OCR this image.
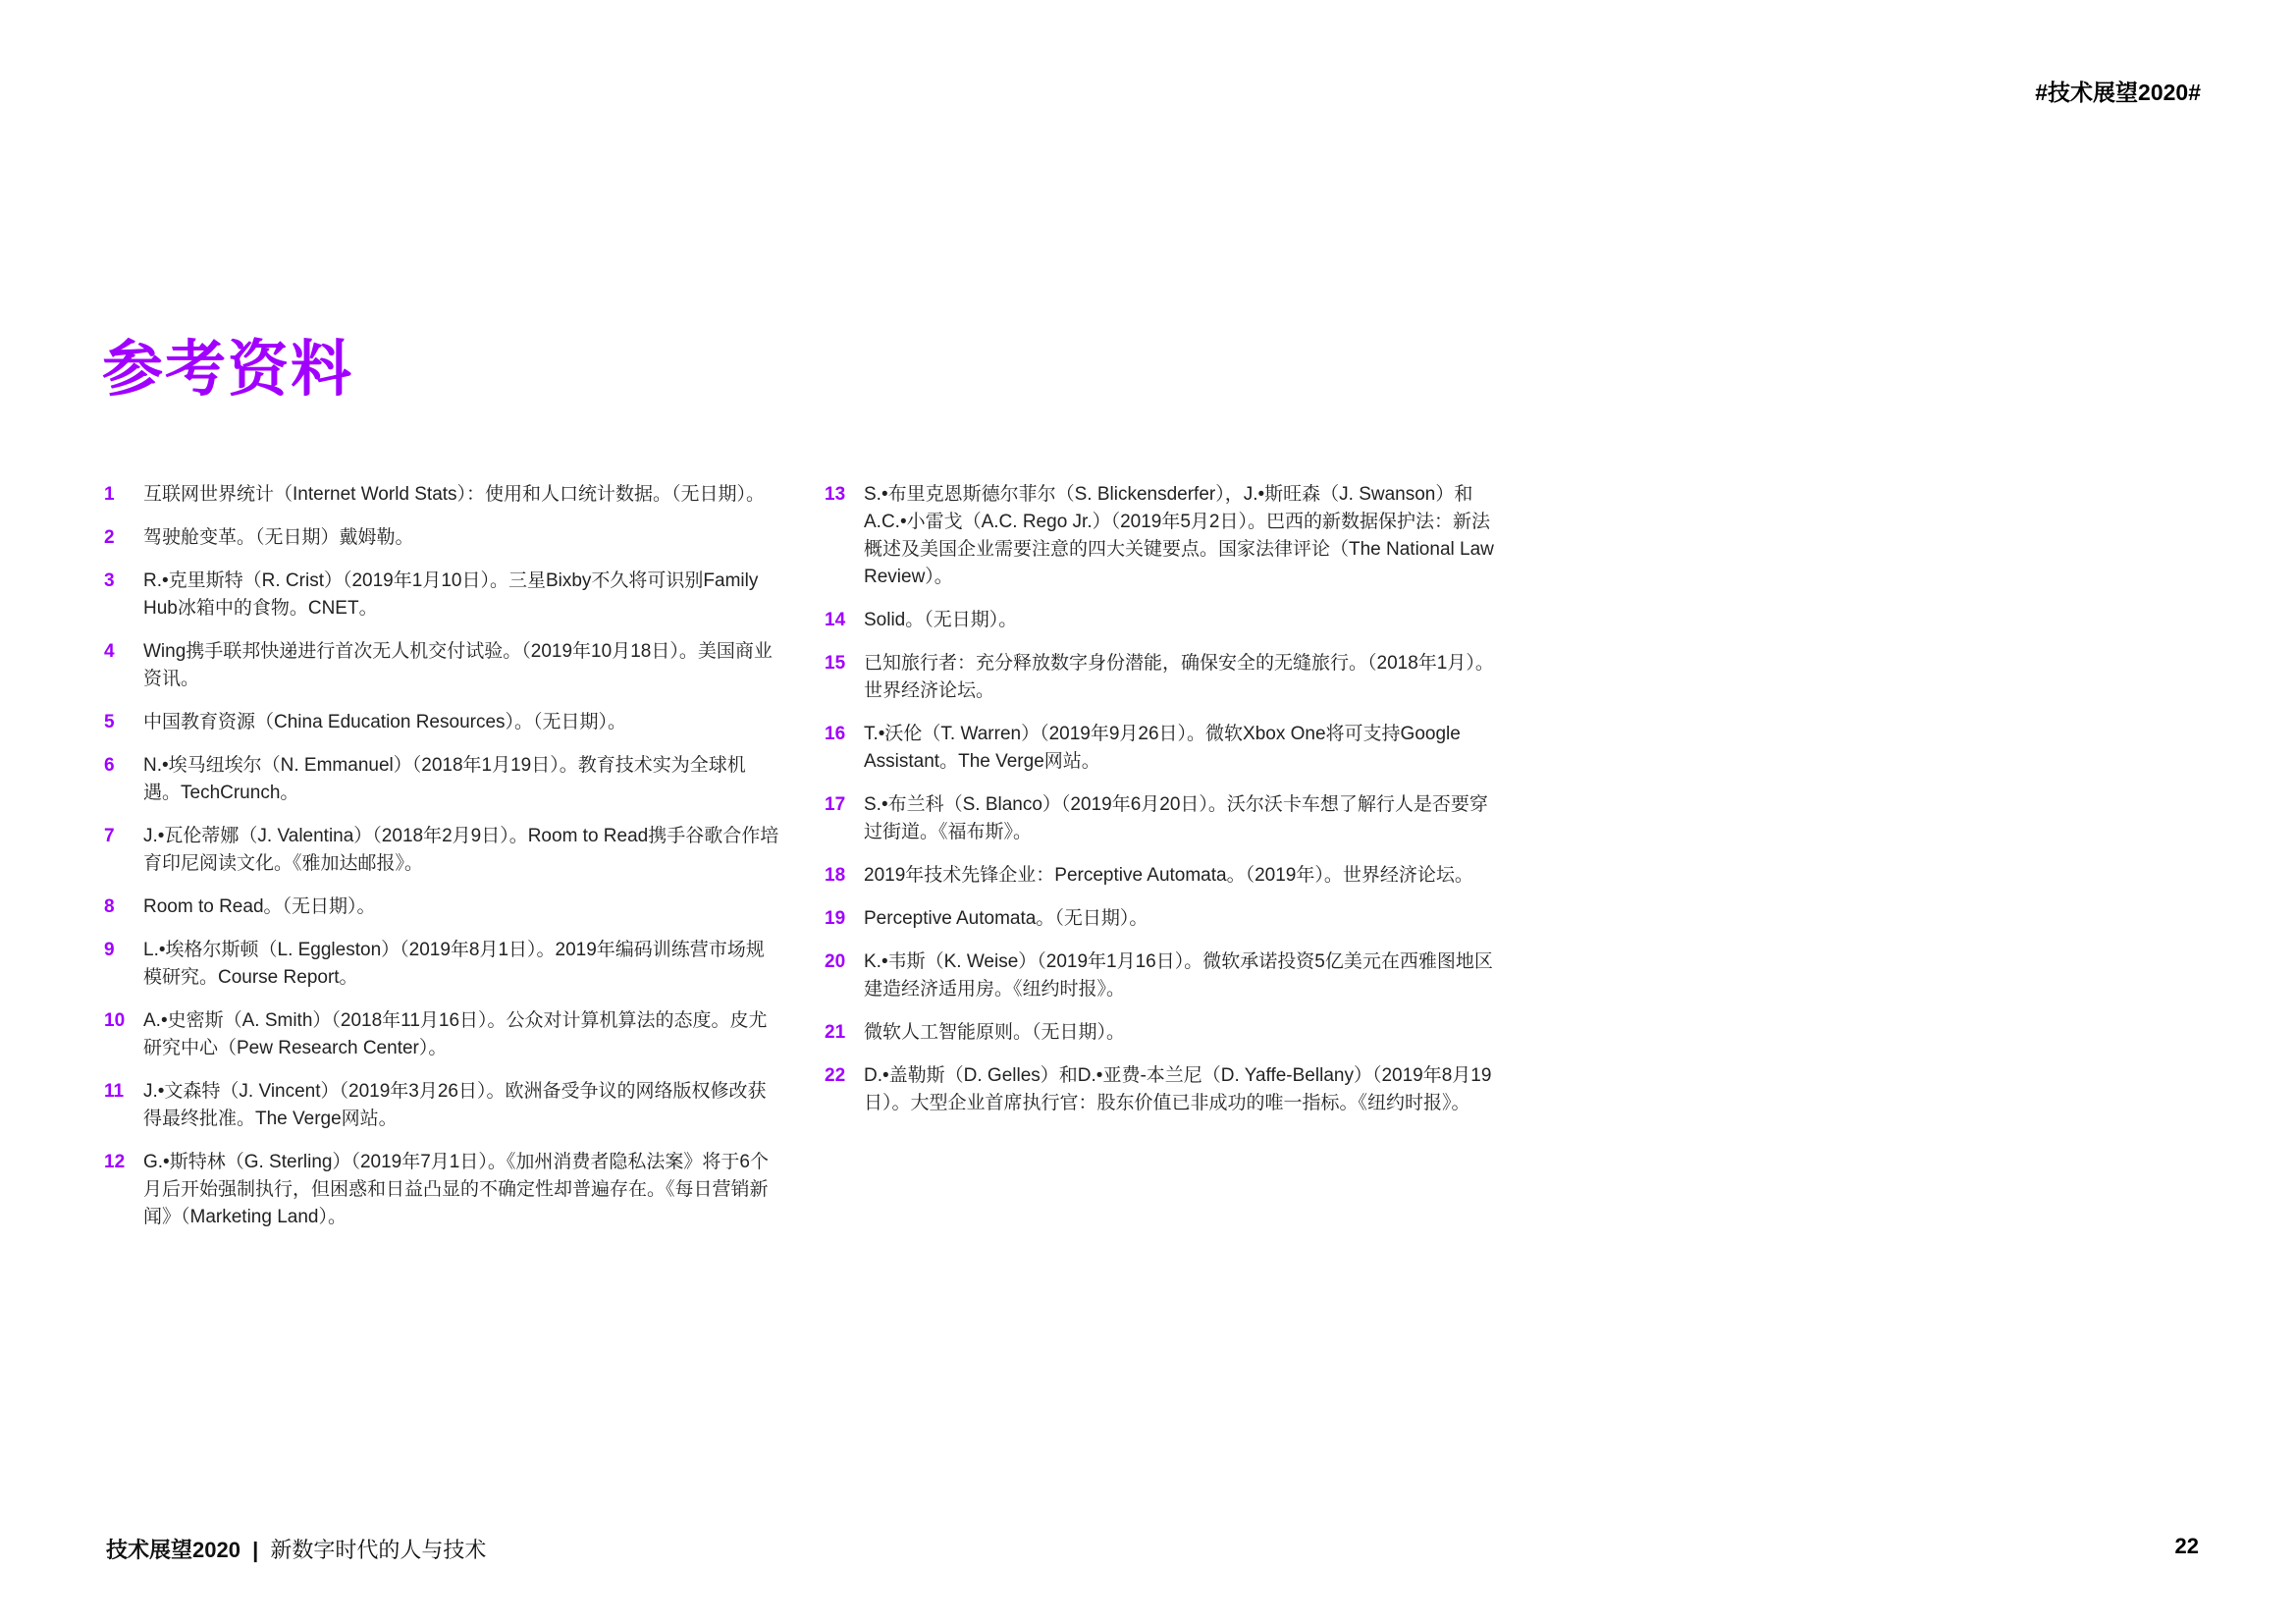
#技术展望2020#
参考资料
1	互联网世界统计（Internet World Stats）：使用和人口统计数据。（无日期）。
2	驾驶舱变革。（无日期）戴姆勒。
3	R.•克里斯特（R. Crist）（2019年1月10日）。三星Bixby不久将可识别Family Hub冰箱中的食物。CNET。
4	Wing携手联邦快递进行首次无人机交付试验。（2019年10月18日）。美国商业资讯。
5	中国教育资源（China Education Resources）。（无日期）。
6	N.•埃马纽埃尔（N. Emmanuel）（2018年1月19日）。教育技术实为全球机遇。TechCrunch。
7	J.•瓦伦蒂娜（J. Valentina）（2018年2月9日）。Room to Read携手谷歌合作培育印尼阅读文化。《雅加达邮报》。
8	Room to Read。（无日期）。
9	L.•埃格尔斯顿（L. Eggleston）（2019年8月1日）。2019年编码训练营市场规模研究。Course Report。
10 A.•史密斯（A. Smith）（2018年11月16日）。公众对计算机算法的态度。皮尤研究中心（Pew Research Center）。
11	J.•文森特（J. Vincent）（2019年3月26日）。欧洲备受争议的网络版权修改获得最终批准。The Verge网站。
12 G.•斯特林（G. Sterling）（2019年7月1日）。《加州消费者隐私法案》将于6个月后开始强制执行，但困惑和日益凸显的不确定性却普遍存在。《每日营销新闻》（Marketing Land）。
13 S.•布里克恩斯德尔菲尔（S. Blickensderfer），J.•斯旺森（J. Swanson）和A.C.•小雷戈（A.C. Rego Jr.）（2019年5月2日）。巴西的新数据保护法：新法概述及美国企业需要注意的四大关键要点。国家法律评论（The National Law Review）。
14 Solid。（无日期）。
15 已知旅行者：充分释放数字身份潜能，确保安全的无缝旅行。（2018年1月）。世界经济论坛。
16 T.•沃伦（T. Warren）（2019年9月26日）。微软Xbox One将可支持Google Assistant。The Verge网站。
17 S.•布兰科（S. Blanco）（2019年6月20日）。沃尔沃卡车想了解行人是否要穿过街道。《福布斯》。
18 2019年技术先锋企业：Perceptive Automata。（2019年）。世界经济论坛。
19 Perceptive Automata。（无日期）。
20 K.•韦斯（K. Weise）（2019年1月16日）。微软承诺投资5亿美元在西雅图地区建造经济适用房。《纽约时报》。
21 微软人工智能原则。（无日期）。
22 D.•盖勒斯（D. Gelles）和D.•亚费-本兰尼（D. Yaffe-Bellany）（2019年8月19日）。大型企业首席执行官：股东价值已非成功的唯一指标。《纽约时报》。
技术展望2020 | 新数字时代的人与技术	22
